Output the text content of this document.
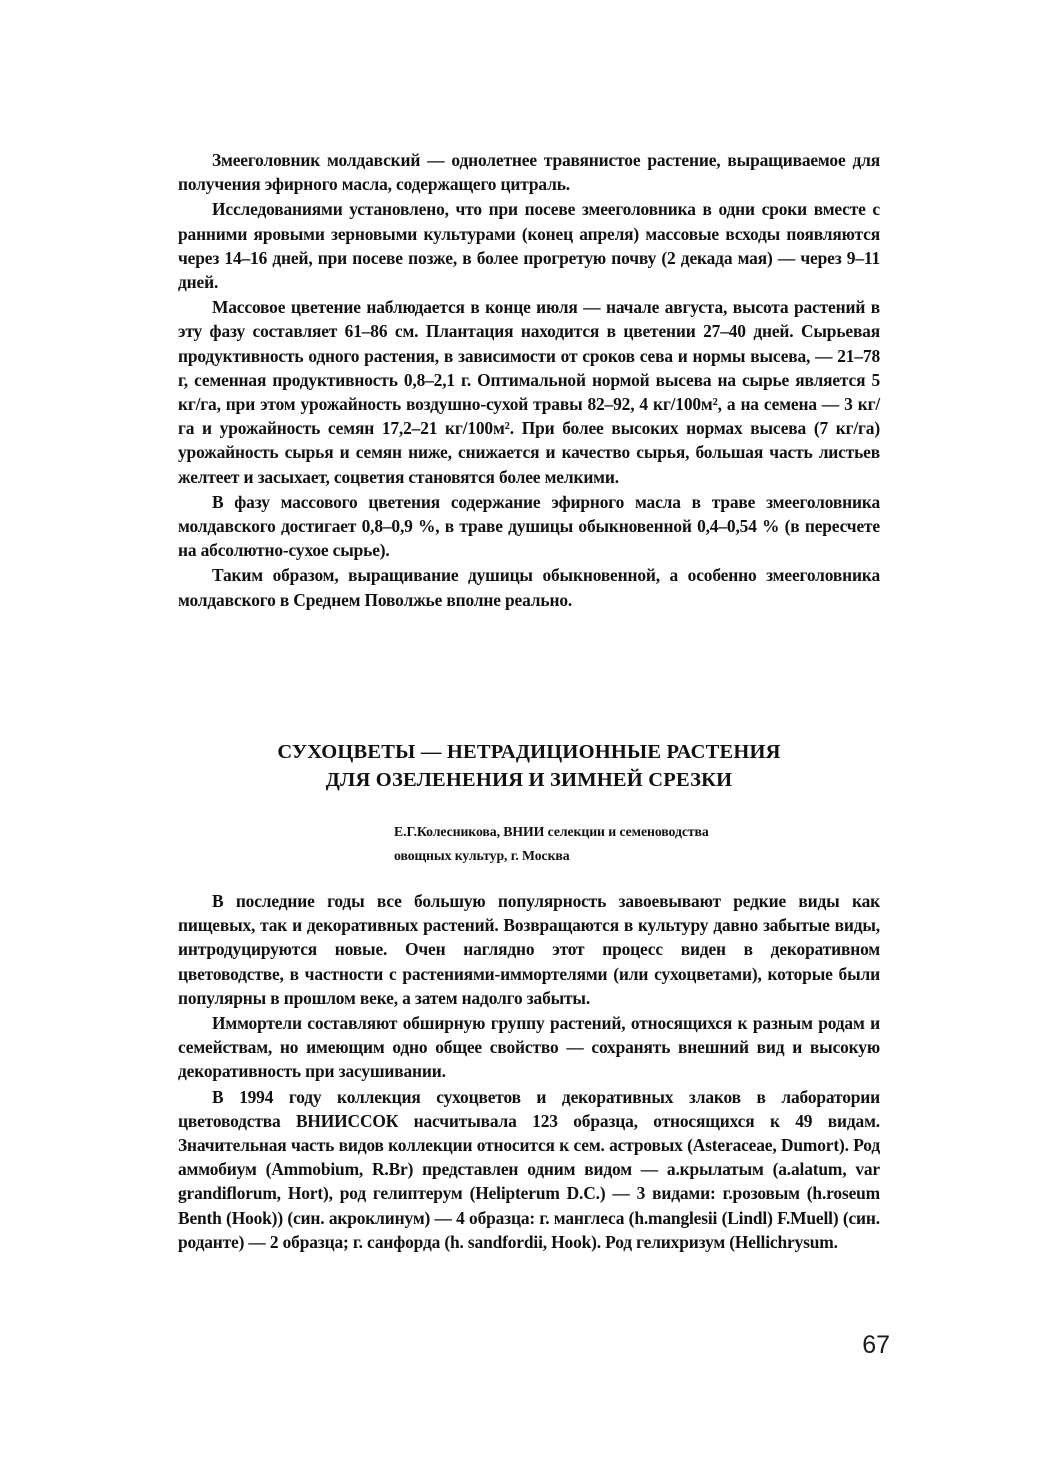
Змееголовник молдавский — однолетнее травянистое растение, выращиваемое для получения эфирного масла, содержащего цитраль.

Исследованиями установлено, что при посеве змееголовника в одни сроки вместе с ранними яровыми зерновыми культурами (конец апреля) массовые всходы появляются через 14–16 дней, при посеве позже, в более прогретую почву (2 декада мая) — через 9–11 дней.

Массовое цветение наблюдается в конце июля — начале августа, высота растений в эту фазу составляет 61–86 см. Плантация находится в цветении 27–40 дней. Сырьевая продуктивность одного растения, в зависимости от сроков сева и нормы высева, — 21–78 г, семенная продуктивность 0,8–2,1 г. Оптимальной нормой высева на сырье является 5 кг/га, при этом урожайность воздушно-сухой травы 82–92, 4 кг/100м², а на семена — 3 кг/га и урожайность семян 17,2–21 кг/100м². При более высоких нормах высева (7 кг/га) урожайность сырья и семян ниже, снижается и качество сырья, большая часть листьев желтеет и засыхает, соцветия становятся более мелкими.

В фазу массового цветения содержание эфирного масла в траве змееголовника молдавского достигает 0,8–0,9 %, в траве душицы обыкновенной 0,4–0,54 % (в пересчете на абсолютно-сухое сырье).

Таким образом, выращивание душицы обыкновенной, а особенно змееголовника молдавского в Среднем Поволжье вполне реально.

СУХОЦВЕТЫ — НЕТРАДИЦИОННЫЕ РАСТЕНИЯ
ДЛЯ ОЗЕЛЕНЕНИЯ И ЗИМНЕЙ СРЕЗКИ
Е.Г.Колесникова, ВНИИ селекции и семеноводства
овощных культур, г. Москва

В последние годы все большую популярность завоевывают редкие виды как пищевых, так и декоративных растений. Возвращаются в культуру давно забытые виды, интродуцируются новые. Очен наглядно этот процесс виден в декоративном цветоводстве, в частности с растениями-иммортелями (или сухоцветами), которые были популярны в прошлом веке, а затем надолго забыты.

Иммортели составляют обширную группу растений, относящихся к разным родам и семействам, но имеющим одно общее свойство — сохранять внешний вид и высокую декоративность при засушивании.

В 1994 году коллекция сухоцветов и декоративных злаков в лаборатории цветоводства ВНИИССОК насчитывала 123 образца, относящихся к 49 видам. Значительная часть видов коллекции относится к сем. астровых (Asteraceae, Dumort). Род аммобиум (Ammobium, R.Br) представлен одним видом — а.крылатым (a.alatum, var grandiflorum, Hort), род гелиптерум (Helipterum D.C.) — 3 видами: г.розовым (h.roseum Benth (Hook)) (син. акроклинум) — 4 образца: г. манглеса (h.manglesii (Lindl) F.Muell) (син. роданте) — 2 образца; г. санфорда (h. sandfordii, Hook). Род гелихризум (Hellichrysum.

67
